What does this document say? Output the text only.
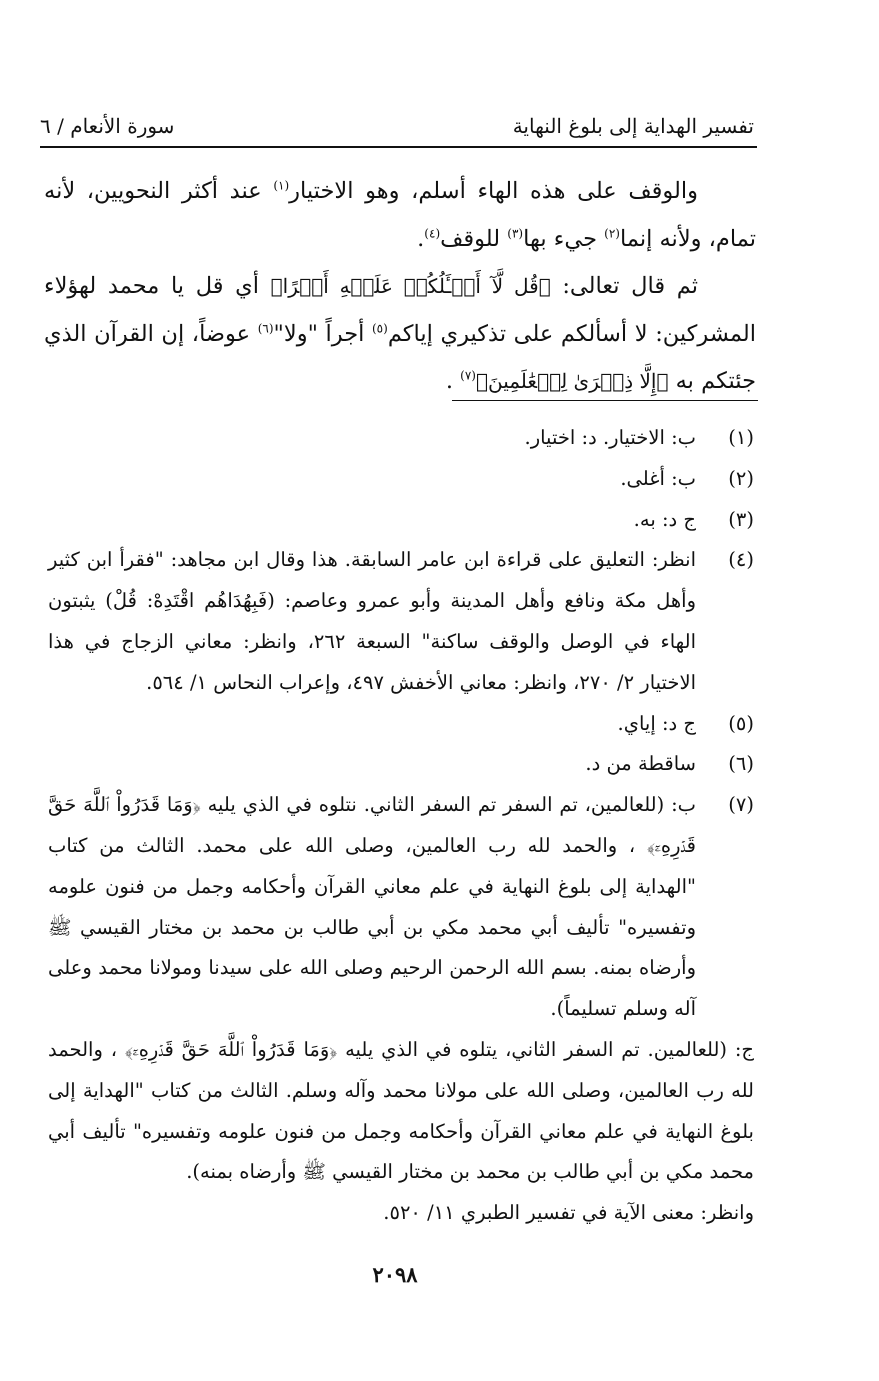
تفسير الهداية إلى بلوغ النهاية
سورة الأنعام / ٦

والوقف على هذه الهاء أسلم، وهو الاختيار$^{(١)}$ عند أكثر النحويين، لأنه تمام، ولأنه إنما$^{(٢)}$ جيء بها$^{(٣)}$ للوقف$^{(٤)}$.

ثم قال تعالى: ﴿قُل لَّآ أَسۡـَٔلُكُمۡ عَلَيۡهِ أَجۡرًا﴾ أي قل يا محمد لهؤلاء المشركين: لا أسألكم على تذكيري إياكم$^{(٥)}$ أجراً "ولا"$^{(٦)}$ عوضاً، إن القرآن الذي جئتكم به ﴿إِلَّا ذِكۡرَىٰ لِلۡعَٰلَمِينَ﴾$^{(٧)}$ .

(١)
ب: الاختيار. د: اختيار.
(٢)
ب: أغلى.
(٣)
ج د: به.
(٤)
انظر: التعليق على قراءة ابن عامر السابقة. هذا وقال ابن مجاهد: "فقرأ ابن كثير وأهل مكة ونافع وأهل المدينة وأبو عمرو وعاصم: (فَبِهُدَاهُم اقْتَدِهْ: قُلْ) يثبتون الهاء في الوصل والوقف ساكنة" السبعة ٢٦٢، وانظر: معاني الزجاج في هذا الاختيار ٢/ ٢٧٠، وانظر: معاني الأخفش ٤٩٧، وإعراب النحاس ١/ ٥٦٤.
(٥)
ج د: إياي.
(٦)
ساقطة من د.
(٧)
ب: (للعالمين، تم السفر تم السفر الثاني. نتلوه في الذي يليه ﴿وَمَا قَدَرُواْ ٱللَّهَ حَقَّ قَدۡرِهِۦٓ﴾ ، والحمد لله رب العالمين، وصلى الله على محمد. الثالث من كتاب "الهداية إلى بلوغ النهاية في علم معاني القرآن وأحكامه وجمل من فنون علومه وتفسيره" تأليف أبي محمد مكي بن أبي طالب بن محمد بن مختار القيسي ﷺ وأرضاه بمنه. بسم الله الرحمن الرحيم وصلى الله على سيدنا ومولانا محمد وعلى آله وسلم تسليماً).
ج: (للعالمين. تم السفر الثاني، يتلوه في الذي يليه ﴿وَمَا قَدَرُواْ ٱللَّهَ حَقَّ قَدۡرِهِۦٓ﴾ ، والحمد لله رب العالمين، وصلى الله على مولانا محمد وآله وسلم. الثالث من كتاب "الهداية إلى بلوغ النهاية في علم معاني القرآن وأحكامه وجمل من فنون علومه وتفسيره" تأليف أبي محمد مكي بن أبي طالب بن محمد بن مختار القيسي ﷺ وأرضاه بمنه).
وانظر: معنى الآية في تفسير الطبري ١١/ ٥٢٠.
٢٠٩٨
